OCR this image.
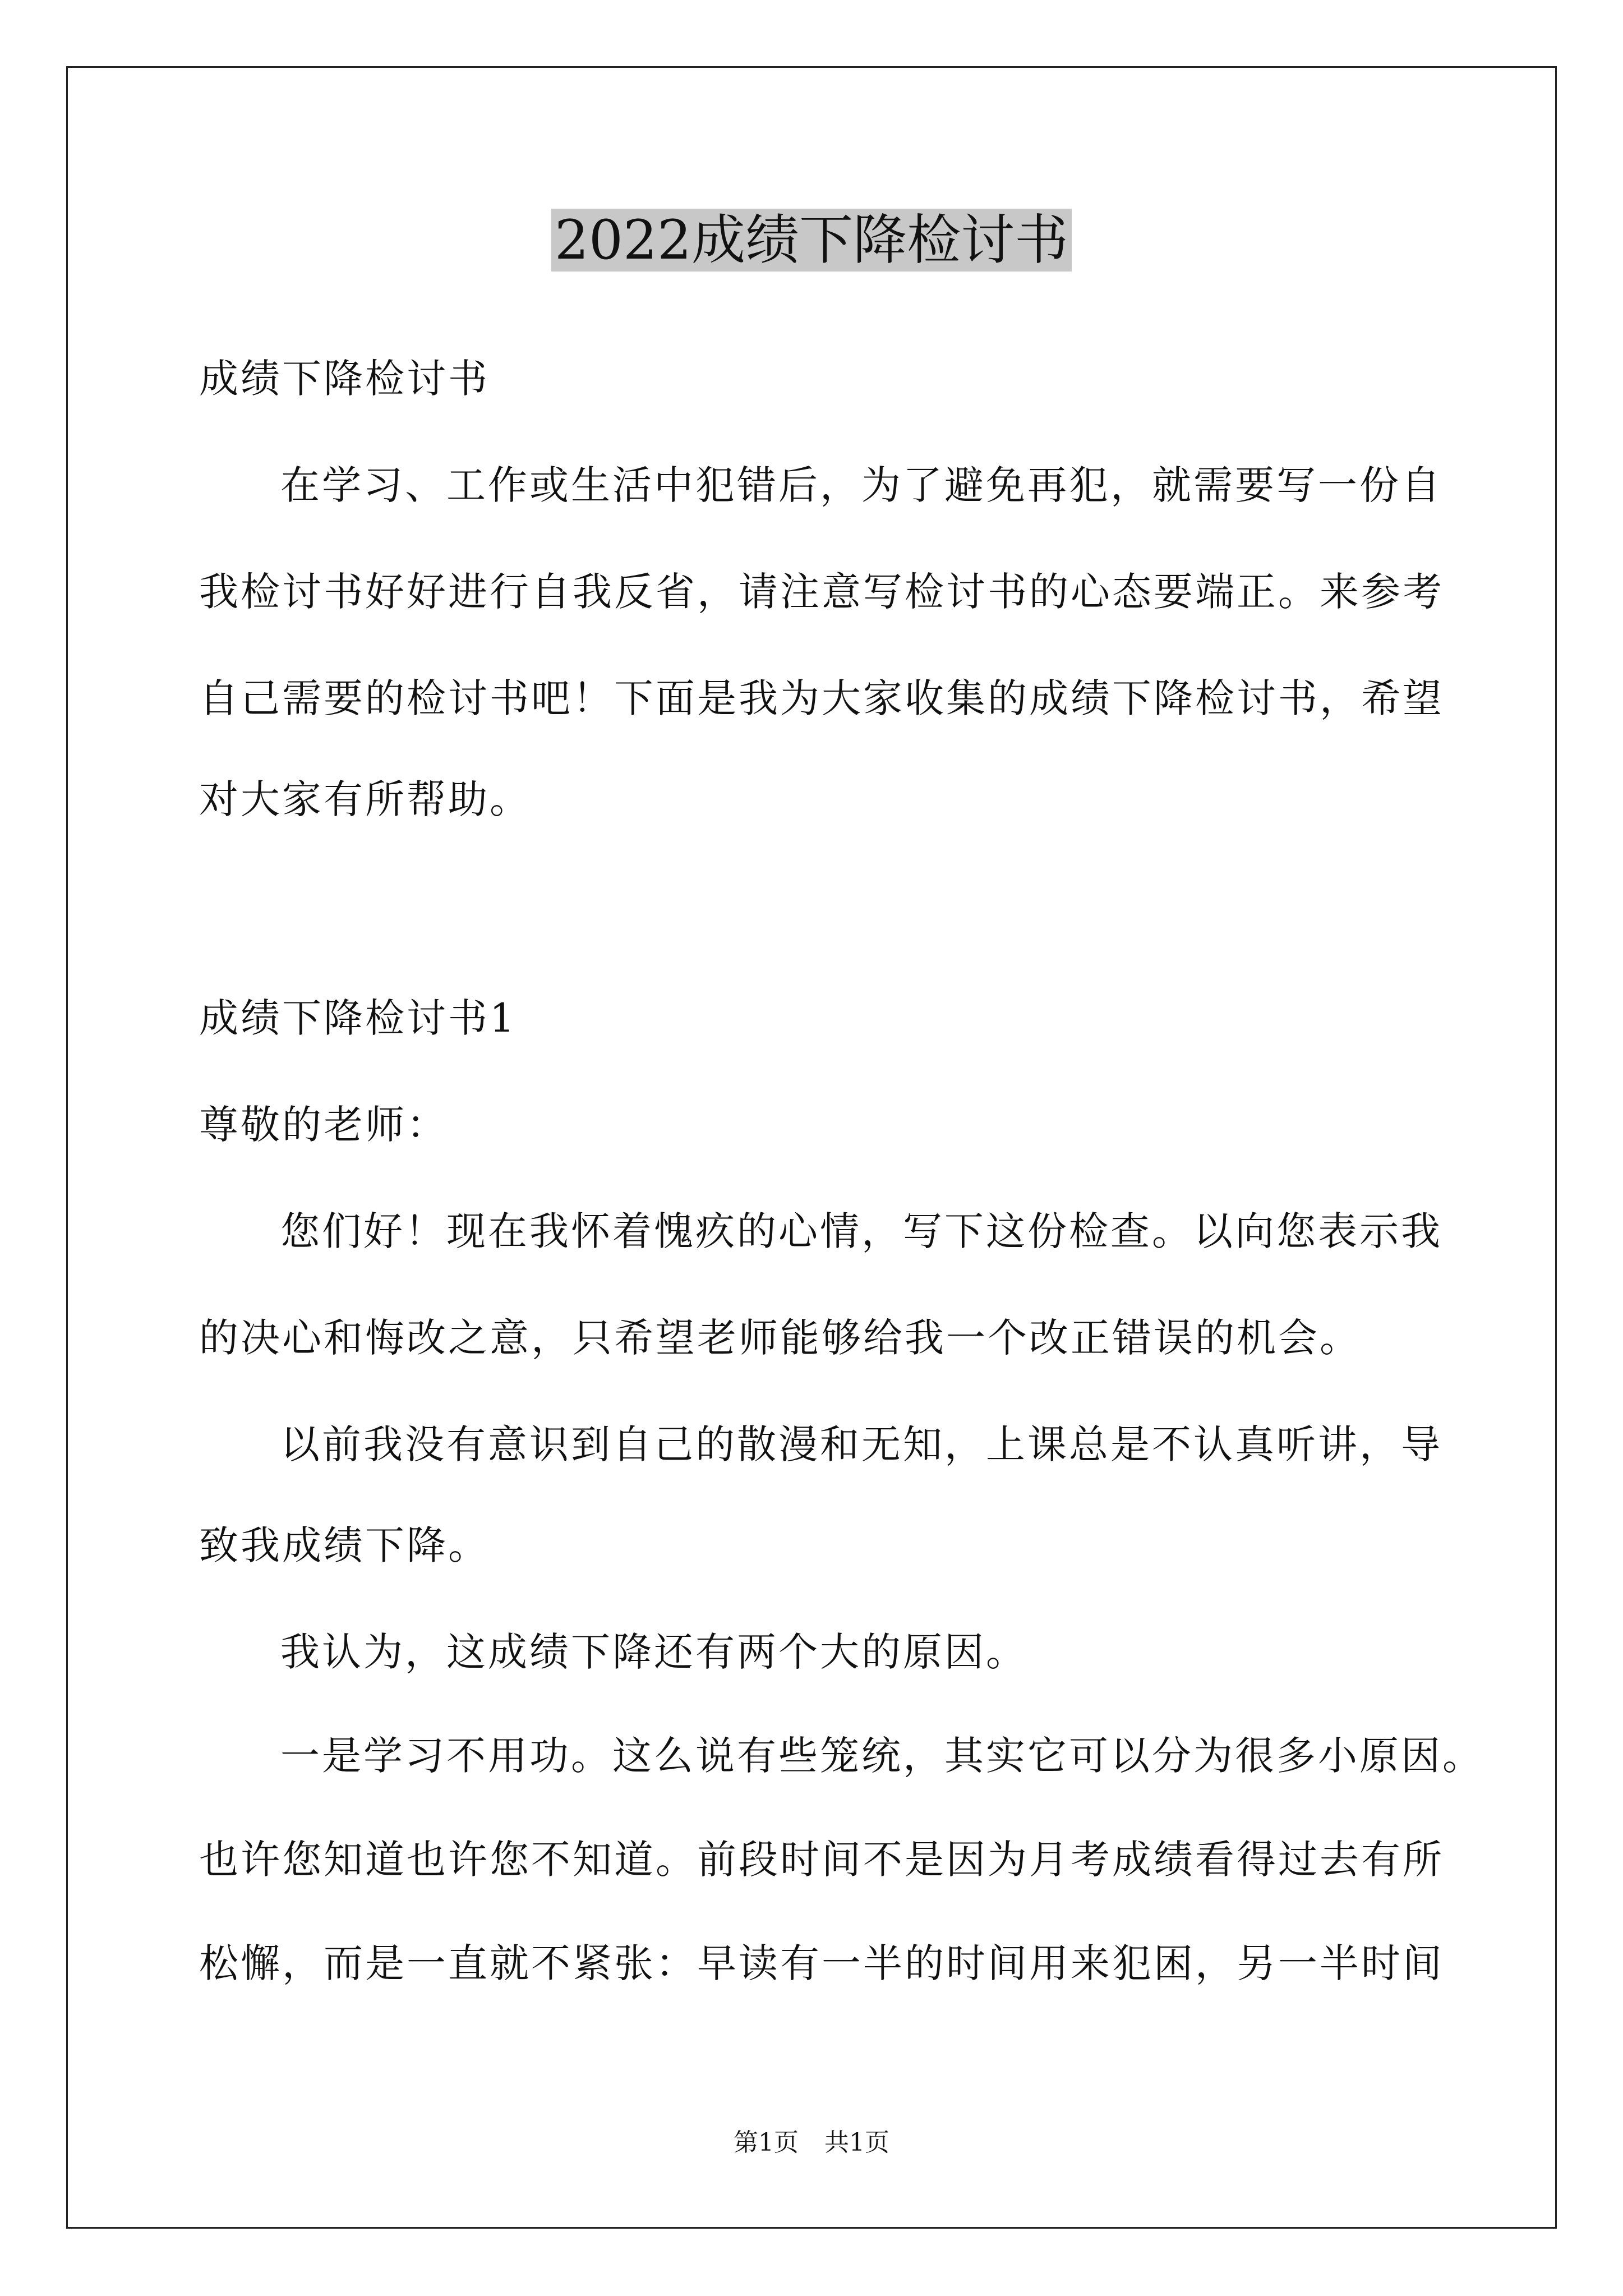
2022成绩下降检讨书
成绩下降检讨书
在学习、工作或生活中犯错后，为了避免再犯，就需要写一份自
我检讨书好好进行自我反省，请注意写检讨书的心态要端正。来参考
自己需要的检讨书吧！下面是我为大家收集的成绩下降检讨书，希望
对大家有所帮助。
成绩下降检讨书1
尊敬的老师：
您们好！现在我怀着愧疚的心情，写下这份检查。以向您表示我
的决心和悔改之意，只希望老师能够给我一个改正错误的机会。
以前我没有意识到自己的散漫和无知，上课总是不认真听讲，导
致我成绩下降。
我认为，这成绩下降还有两个大的原因。
一是学习不用功。这么说有些笼统，其实它可以分为很多小原因。
也许您知道也许您不知道。前段时间不是因为月考成绩看得过去有所
松懈，而是一直就不紧张：早读有一半的时间用来犯困，另一半时间
第1页 共1页
